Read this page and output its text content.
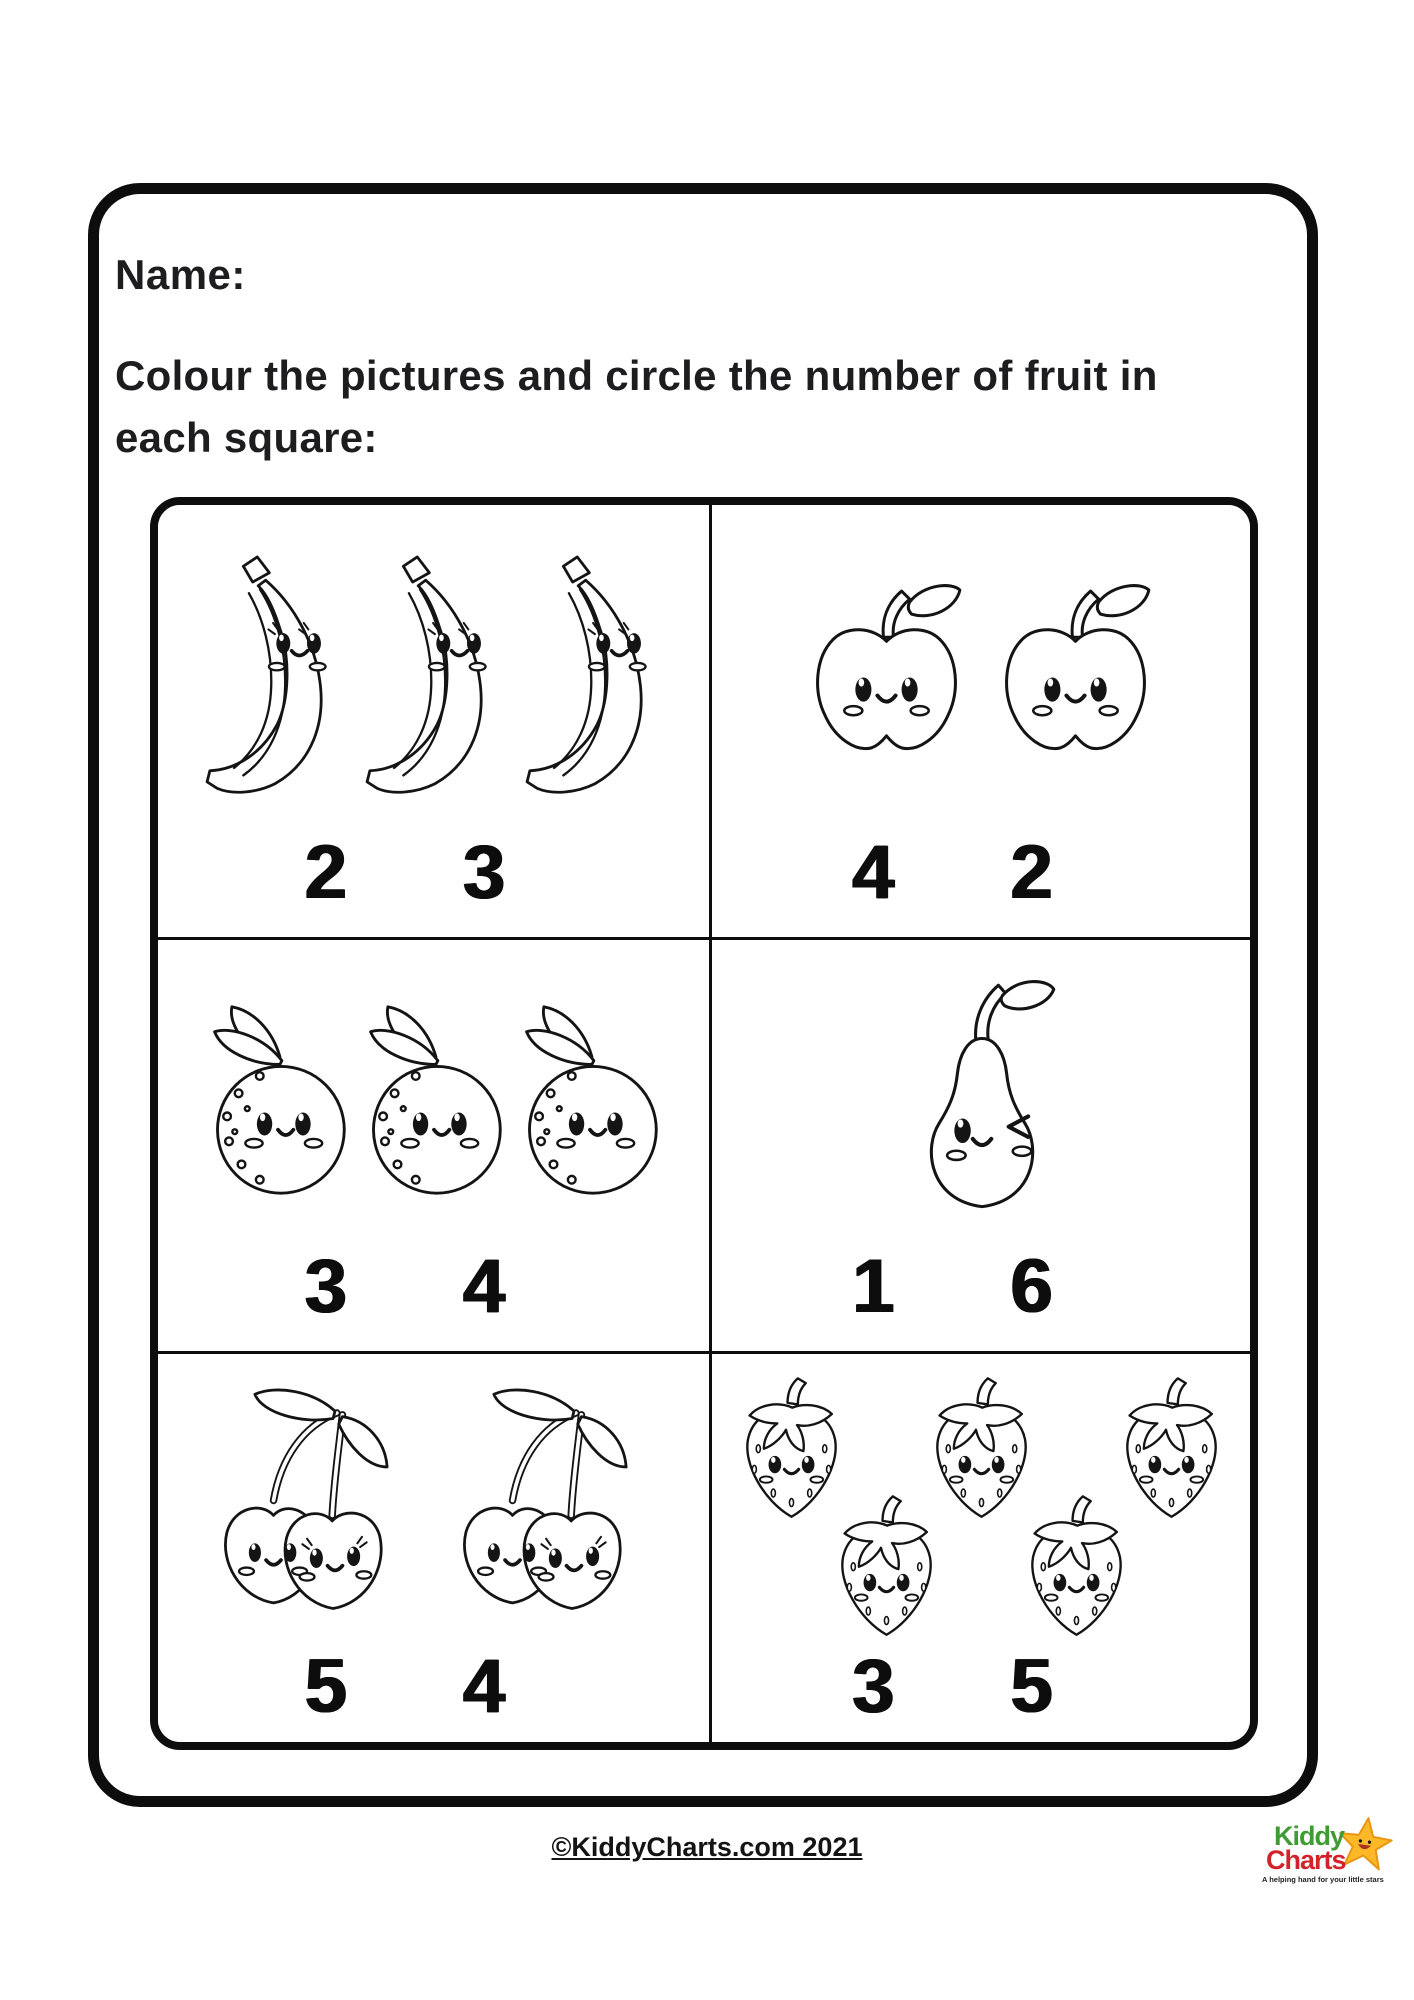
Name:
Colour the pictures and circle the number of fruit in
each square:
2 3	4 2
3 4	1 6
5 4	3 5
©KiddyCharts.com 2021	Kiddy
Charts
A helping hand for your little stars
